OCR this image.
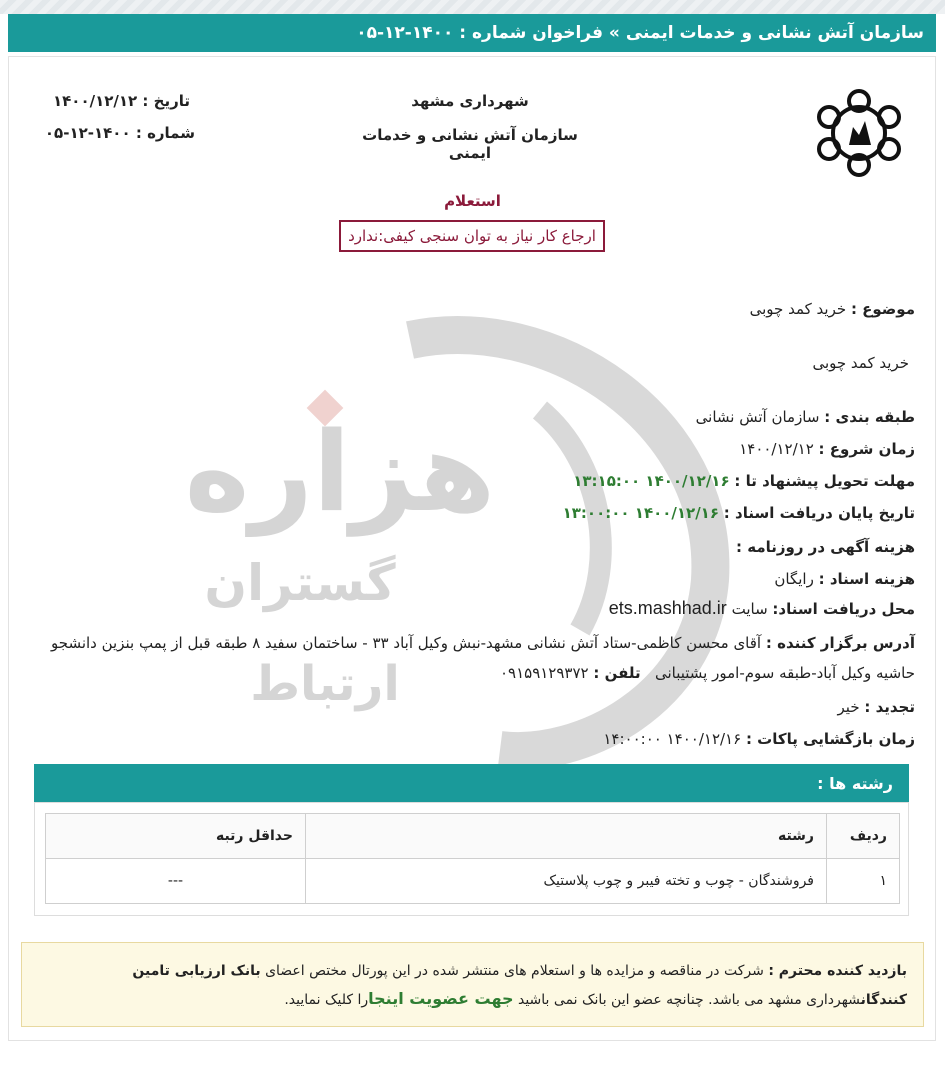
سازمان آتش نشانی و خدمات ایمنی » فراخوان شماره : ۱۴۰۰-۱۲-۰۵
هزاره
گستران
ارتباط
شهرداری مشهد
سازمان آتش نشانی و خدمات ایمنی
تاریخ : ۱۴۰۰/۱۲/۱۲
شماره : ۱۴۰۰-۱۲-۰۵
استعلام
ارجاع کار نیاز به توان سنجی کیفی:ندارد
موضوع : خرید کمد چوبی
خرید کمد چوبی
طبقه بندی : سازمان آتش نشانی
زمان شروع : ۱۴۰۰/۱۲/۱۲
مهلت تحویل پیشنهاد تا : ۱۴۰۰/۱۲/۱۶ ۱۳:۱۵:۰۰
تاریخ پایان دریافت اسناد : ۱۴۰۰/۱۲/۱۶ ۱۳:۰۰:۰۰
هزینه آگهی در روزنامه :
هزینه اسناد : رایگان
محل دریافت اسناد: سایت ets.mashhad.ir
آدرس برگزار کننده : آقای محسن کاظمی-ستاد آتش نشانی مشهد-نبش وکیل آباد ۳۳ - ساختمان سفید ۸ طبقه قبل از پمپ بنزین دانشجو حاشیه وکیل آباد-طبقه سوم-امور پشتیبانی   تلفن : ۰۹۱۵۹۱۲۹۳۷۲
تجدید : خیر
زمان بازگشایی پاکات : ۱۴۰۰/۱۲/۱۶ ۱۴:۰۰:۰۰
رشته ها :
ردیف	رشته	حداقل رتبه
۱	فروشندگان - چوب و تخته فیبر و چوب پلاستیک	---
بازدید کننده محترم : شرکت در مناقصه و مزایده ها و استعلام های منتشر شده در این پورتال مختص اعضای بانک ارزیابی تامین کنندگانشهرداری مشهد می باشد. چنانچه عضو این بانک نمی باشید جهت عضویت اینجارا کلیک نمایید.
